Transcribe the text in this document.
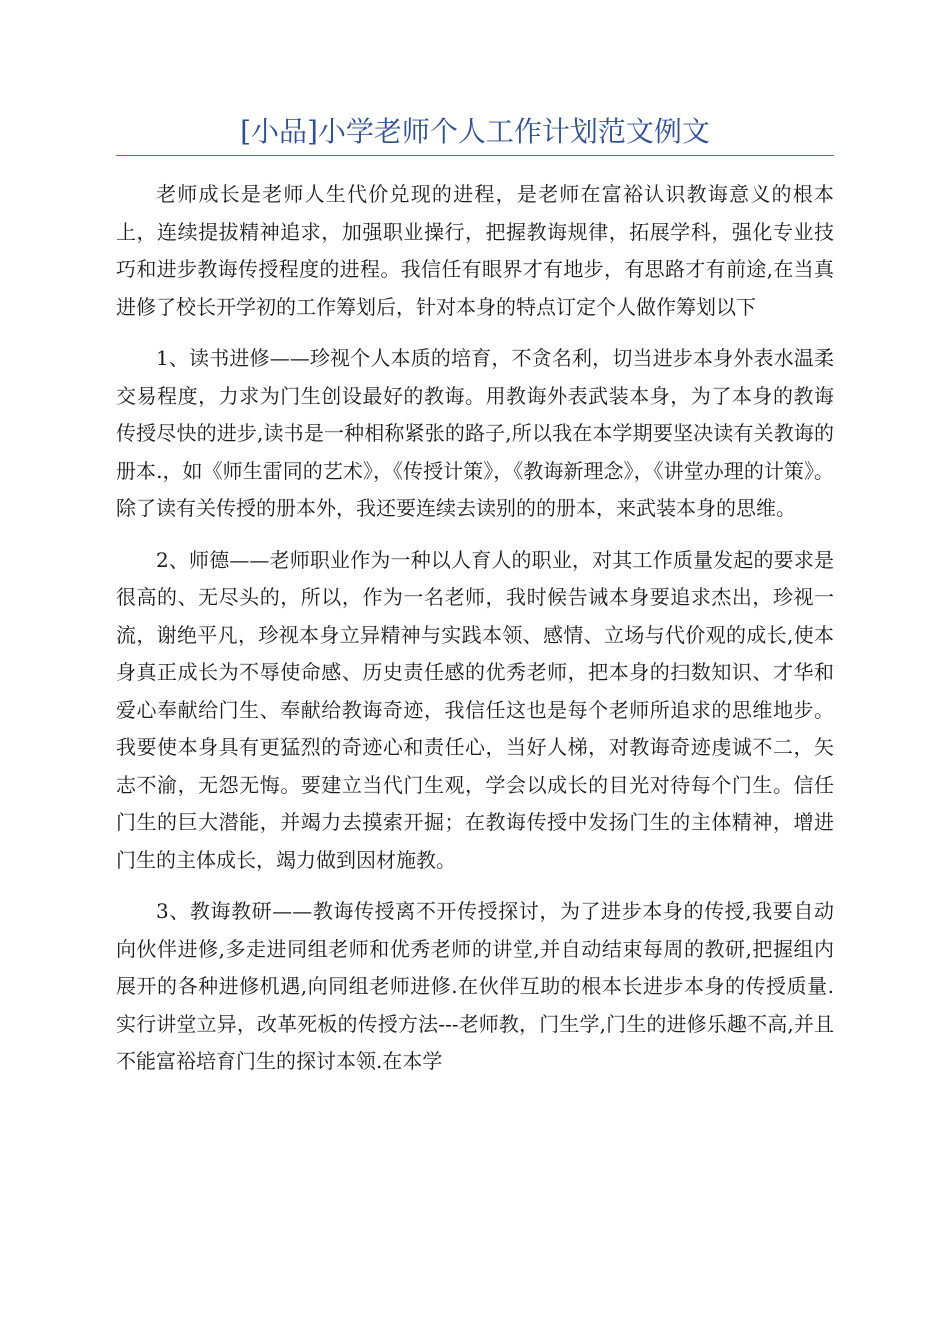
[小品]小学老师个人工作计划范文例文

老师成长是老师人生代价兑现的进程，是老师在富裕认识教诲意义的根本上，连续提拔精神追求，加强职业操行，把握教诲规律，拓展学科，强化专业技巧和进步教诲传授程度的进程。我信任有眼界才有地步，有思路才有前途,在当真进修了校长开学初的工作筹划后，针对本身的特点订定个人做作筹划以下

1、读书进修——珍视个人本质的培育，不贪名利，切当进步本身外表水温柔交易程度，力求为门生创设最好的教诲。用教诲外表武装本身，为了本身的教诲传授尽快的进步,读书是一种相称紧张的路子,所以我在本学期要坚决读有关教诲的册本.，如《师生雷同的艺术》，《传授计策》，《教诲新理念》，《讲堂办理的计策》。除了读有关传授的册本外，我还要连续去读别的的册本，来武装本身的思维。

2、师德——老师职业作为一种以人育人的职业，对其工作质量发起的要求是很高的、无尽头的，所以，作为一名老师，我时候告诫本身要追求杰出，珍视一流，谢绝平凡，珍视本身立异精神与实践本领、感情、立场与代价观的成长,使本身真正成长为不辱使命感、历史责任感的优秀老师，把本身的扫数知识、才华和爱心奉献给门生、奉献给教诲奇迹，我信任这也是每个老师所追求的思维地步。我要使本身具有更猛烈的奇迹心和责任心，当好人梯，对教诲奇迹虔诚不二，矢志不渝，无怨无悔。要建立当代门生观，学会以成长的目光对待每个门生。信任门生的巨大潜能，并竭力去摸索开掘；在教诲传授中发扬门生的主体精神，增进门生的主体成长，竭力做到因材施教。

3、教诲教研——教诲传授离不开传授探讨，为了进步本身的传授,我要自动向伙伴进修,多走进同组老师和优秀老师的讲堂,并自动结束每周的教研,把握组内展开的各种进修机遇,向同组老师进修.在伙伴互助的根本长进步本身的传授质量.实行讲堂立异，改革死板的传授方法---老师教，门生学,门生的进修乐趣不高,并且不能富裕培育门生的探讨本领.在本学
